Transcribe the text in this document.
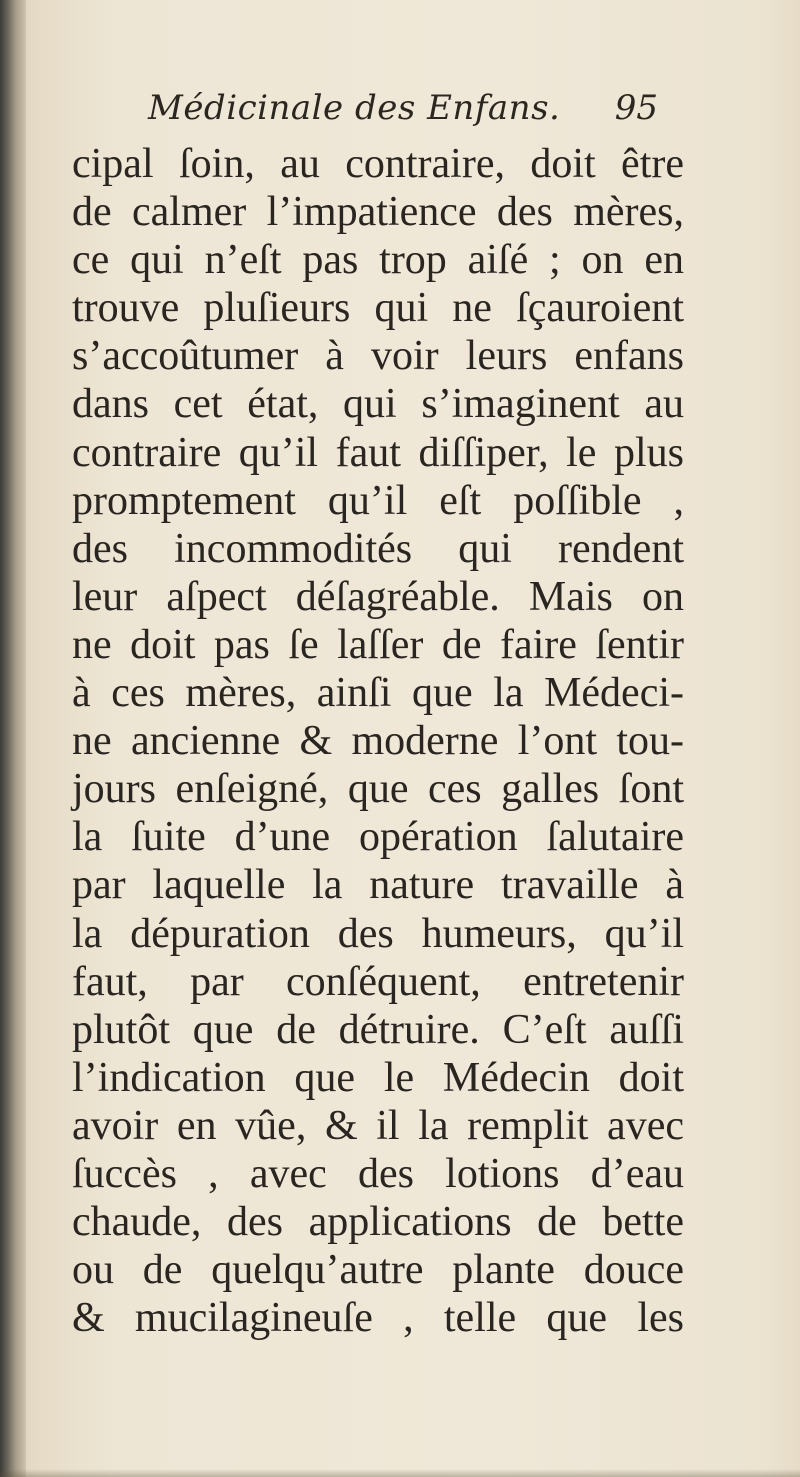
Médicinale des Enfans. 95
cipal ſoin, au contraire, doit être
de calmer l’impatience des mères,
ce qui n’eſt pas trop aiſé ; on en
trouve pluſieurs qui ne ſçauroient
s’accoûtumer à voir leurs enfans
dans cet état, qui s’imaginent au
contraire qu’il faut diſſiper, le plus
promptement qu’il eſt poſſible ,
des incommodités qui rendent
leur aſpect déſagréable. Mais on
ne doit pas ſe laſſer de faire ſentir
à ces mères, ainſi que la Médeci-
ne ancienne & moderne l’ont tou-
jours enſeigné, que ces galles ſont
la ſuite d’une opération ſalutaire
par laquelle la nature travaille à
la dépuration des humeurs, qu’il
faut, par conſéquent, entretenir
plutôt que de détruire. C’eſt auſſi
l’indication que le Médecin doit
avoir en vûe, & il la remplit avec
ſuccès , avec des lotions d’eau
chaude, des applications de bette
ou de quelqu’autre plante douce
& mucilagineuſe , telle que les
